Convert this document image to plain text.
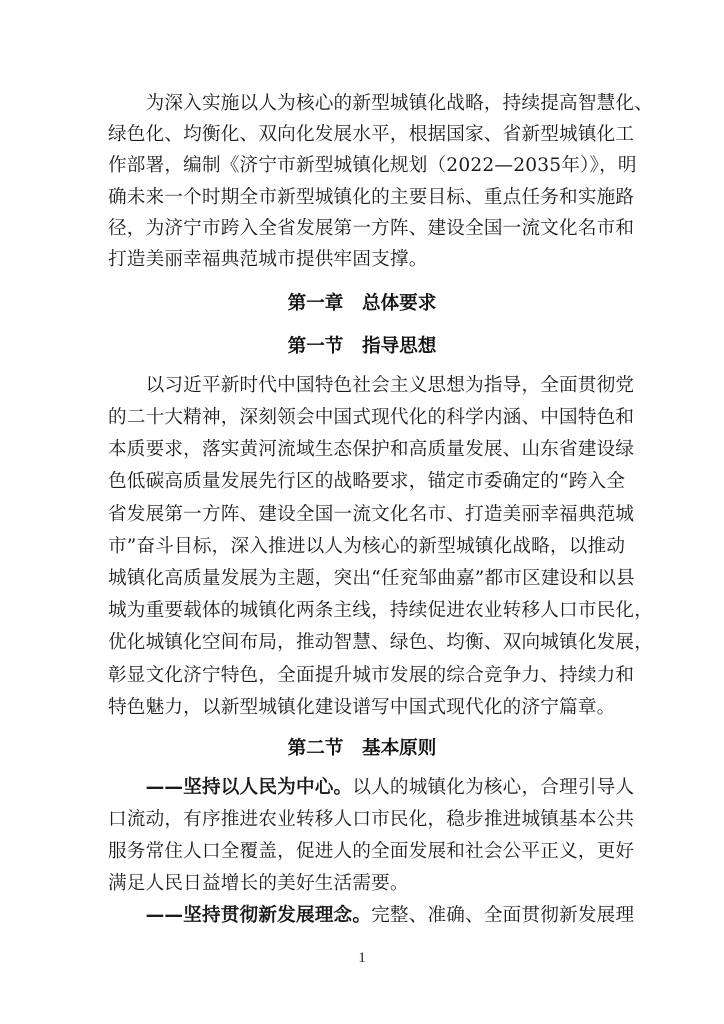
　　为深入实施以人为核心的新型城镇化战略，持续提高智慧化、
绿色化、均衡化、双向化发展水平，根据国家、省新型城镇化工
作部署，编制《济宁市新型城镇化规划（2022—2035年）》，明
确未来一个时期全市新型城镇化的主要目标、重点任务和实施路
径，为济宁市跨入全省发展第一方阵、建设全国一流文化名市和
打造美丽幸福典范城市提供牢固支撑。
第一章　总体要求
第一节　指导思想
　　以习近平新时代中国特色社会主义思想为指导，全面贯彻党
的二十大精神，深刻领会中国式现代化的科学内涵、中国特色和
本质要求，落实黄河流域生态保护和高质量发展、山东省建设绿
色低碳高质量发展先行区的战略要求，锚定市委确定的“跨入全
省发展第一方阵、建设全国一流文化名市、打造美丽幸福典范城
市”奋斗目标，深入推进以人为核心的新型城镇化战略，以推动
城镇化高质量发展为主题，突出“任兖邹曲嘉”都市区建设和以县
城为重要载体的城镇化两条主线，持续促进农业转移人口市民化，
优化城镇化空间布局，推动智慧、绿色、均衡、双向城镇化发展，
彰显文化济宁特色，全面提升城市发展的综合竞争力、持续力和
特色魅力，以新型城镇化建设谱写中国式现代化的济宁篇章。
第二节　基本原则
　　——坚持以人民为中心。以人的城镇化为核心，合理引导人
口流动，有序推进农业转移人口市民化，稳步推进城镇基本公共
服务常住人口全覆盖，促进人的全面发展和社会公平正义，更好
满足人民日益增长的美好生活需要。
　　——坚持贯彻新发展理念。完整、准确、全面贯彻新发展理
1
